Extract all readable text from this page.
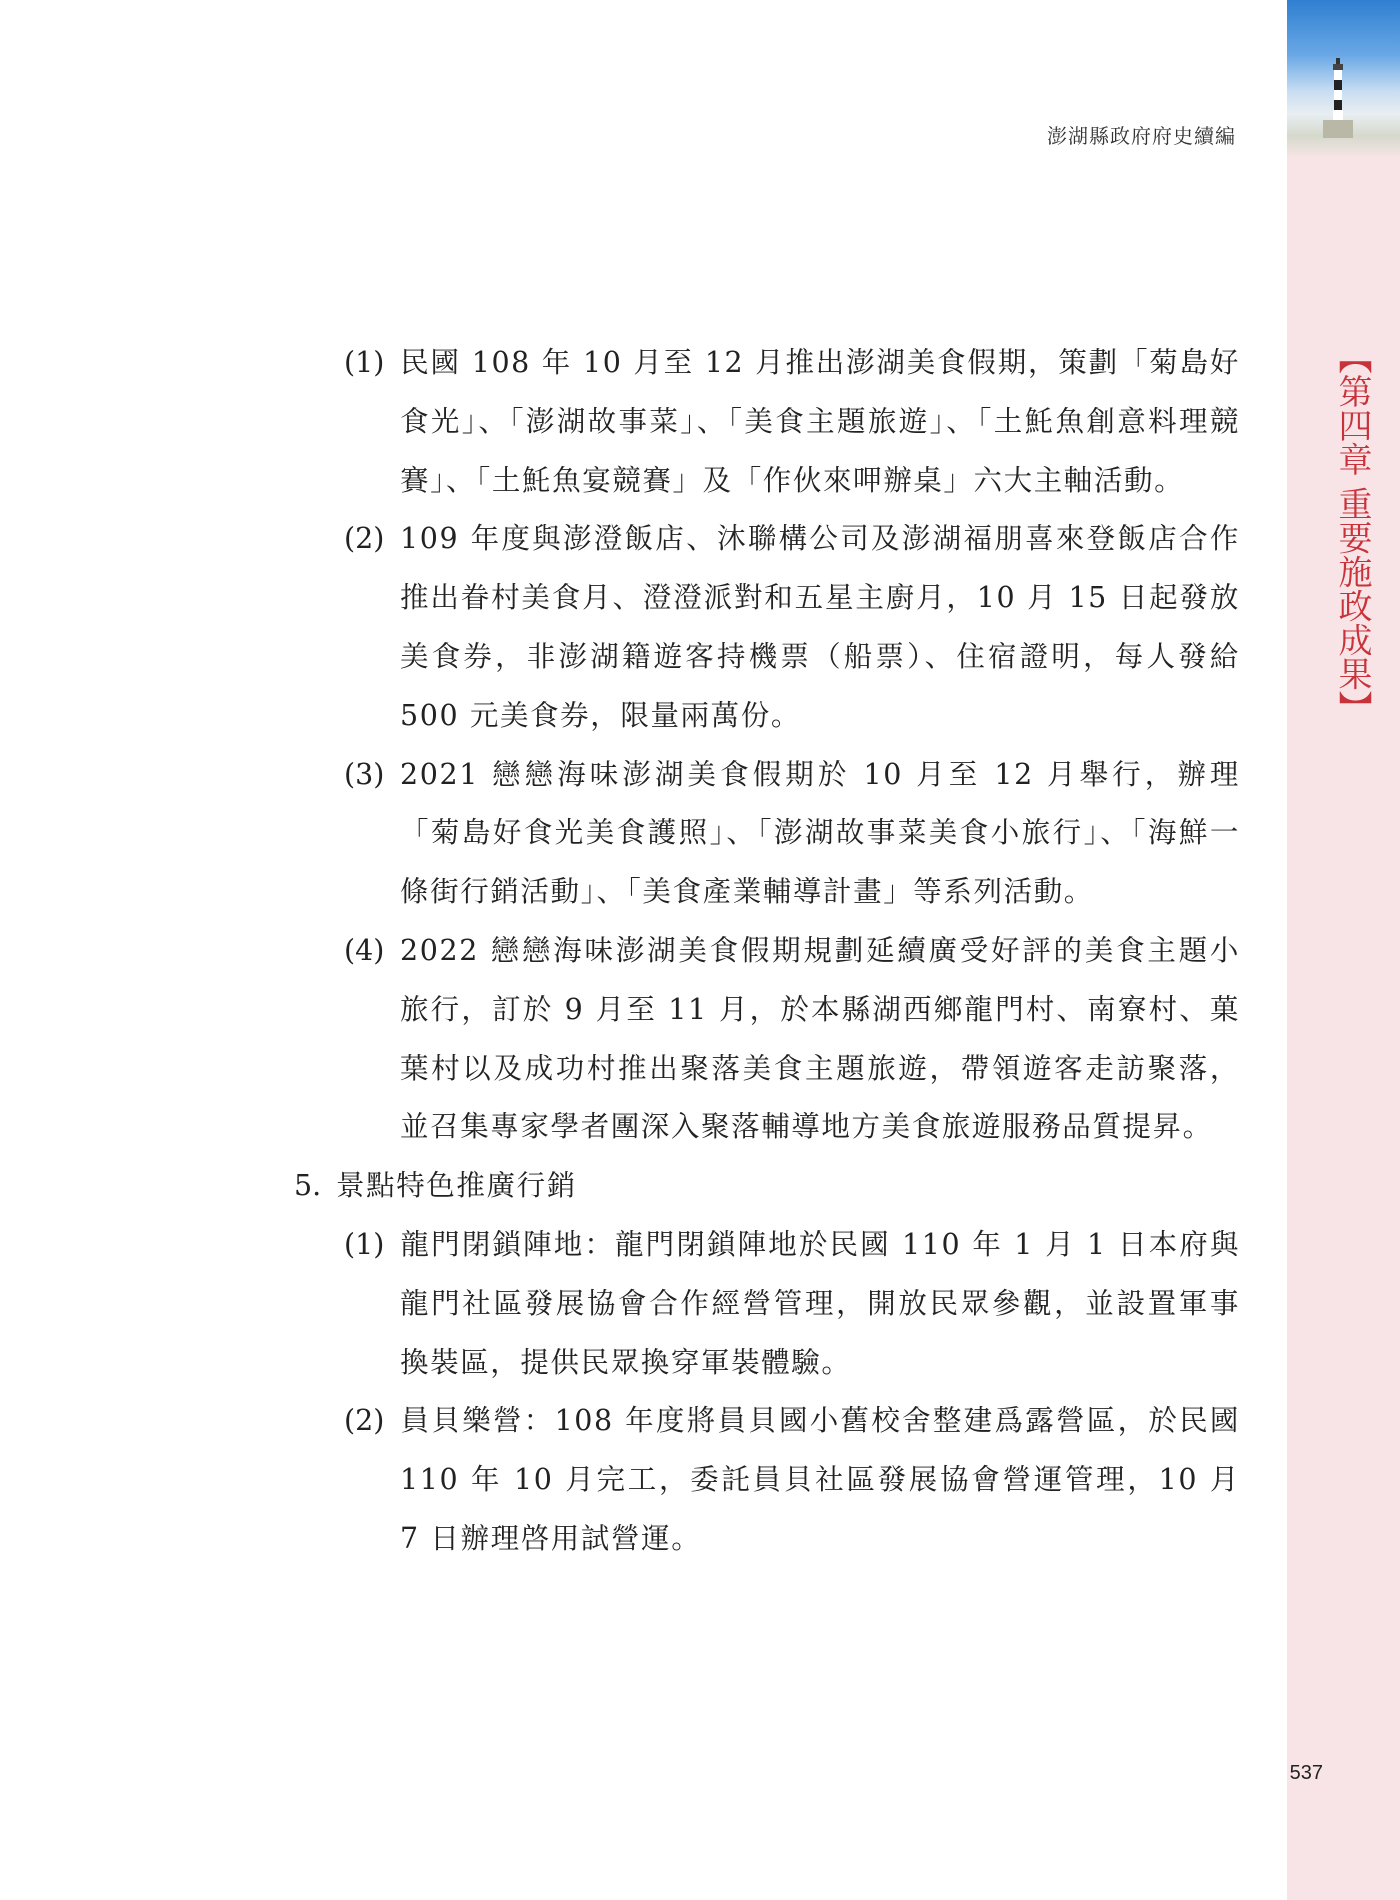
【第四章 重要施政成果】
澎湖縣政府府史續編
(1) 民國 108 年 10 月至 12 月推出澎湖美食假期，策劃「菊島好食光」、「澎湖故事菜」、「美食主題旅遊」、「土魠魚創意料理競賽」、「土魠魚宴競賽」及「作伙來呷辦桌」六大主軸活動。
(2) 109 年度與澎澄飯店、沐聯構公司及澎湖福朋喜來登飯店合作推出眷村美食月、澄澄派對和五星主廚月，10 月 15 日起發放美食券，非澎湖籍遊客持機票（船票）、住宿證明，每人發給 500 元美食券，限量兩萬份。
(3) 2021 戀戀海味澎湖美食假期於 10 月至 12 月舉行，辦理「菊島好食光美食護照」、「澎湖故事菜美食小旅行」、「海鮮一條街行銷活動」、「美食產業輔導計畫」等系列活動。
(4) 2022 戀戀海味澎湖美食假期規劃延續廣受好評的美食主題小旅行，訂於 9 月至 11 月，於本縣湖西鄉龍門村、南寮村、菓葉村以及成功村推出聚落美食主題旅遊，帶領遊客走訪聚落，並召集專家學者團深入聚落輔導地方美食旅遊服務品質提昇。
5. 景點特色推廣行銷
(1) 龍門閉鎖陣地：龍門閉鎖陣地於民國 110 年 1 月 1 日本府與龍門社區發展協會合作經營管理，開放民眾參觀，並設置軍事換裝區，提供民眾換穿軍裝體驗。
(2) 員貝樂營：108 年度將員貝國小舊校舍整建爲露營區，於民國 110 年 10 月完工，委託員貝社區發展協會營運管理，10 月 7 日辦理啓用試營運。
537
